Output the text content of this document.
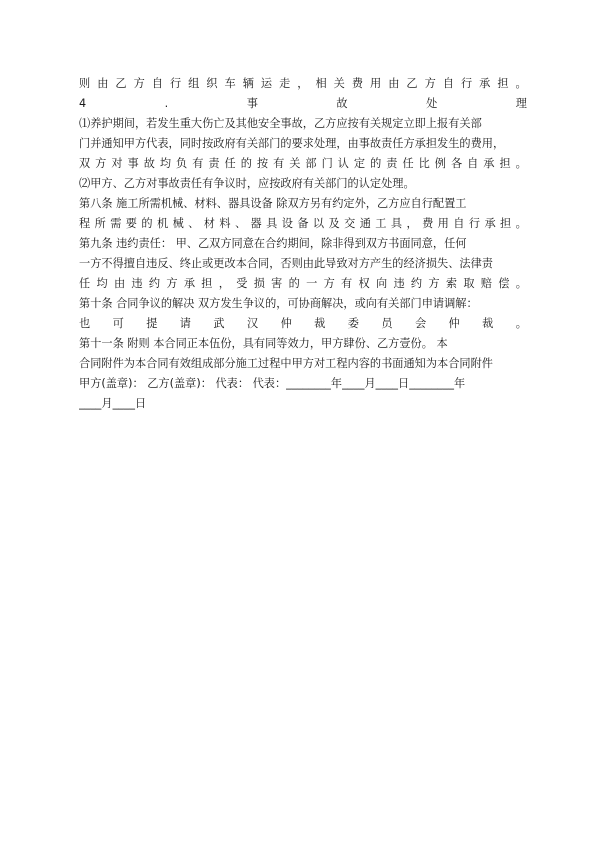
则 由 乙 方 自 行 组 织 车 辆 运 走 ， 相 关 费 用 由 乙 方 自 行 承 担 。
4	.	事	故	处	理
⑴养护期间，若发生重大伤亡及其他安全事故，乙方应按有关规定立即上报有关部
门并通知甲方代表，同时按政府有关部门的要求处理，由事故责任方承担发生的费用，
双 方 对 事 故 均 负 有 责 任 的 按 有 关 部 门 认 定 的 责 任 比 例 各 自 承 担 。
⑵甲方、乙方对事故责任有争议时，应按政府有关部门的认定处理。
第八条 施工所需机械、材料、器具设备 除双方另有约定外，乙方应自行配置工
程 所 需 要 的 机 械 、 材 料 、 器 具 设 备 以 及 交 通 工 具 ， 费 用 自 行 承 担 。
第九条 违约责任： 甲、乙双方同意在合约期间，除非得到双方书面同意，任何
一方不得擅自违反、终止或更改本合同，否则由此导致对方产生的经济损失、法律责
任 均 由 违 约 方 承 担 ， 受 损 害 的 一 方 有 权 向 违 约 方 索 取 赔 偿 。
第十条 合同争议的解决 双方发生争议的，可协商解决，或向有关部门申请调解：
也 可 提 请 武 汉 仲 裁 委 员 会 仲 裁 。
第十一条 附则 本合同正本伍份，具有同等效力，甲方肆份、乙方壹份。 本
合同附件为本合同有效组成部分施工过程中甲方对工程内容的书面通知为本合同附件
甲方(盖章)： 乙方(盖章)： 代表： 代表：________年____月____日________年
____月____日
